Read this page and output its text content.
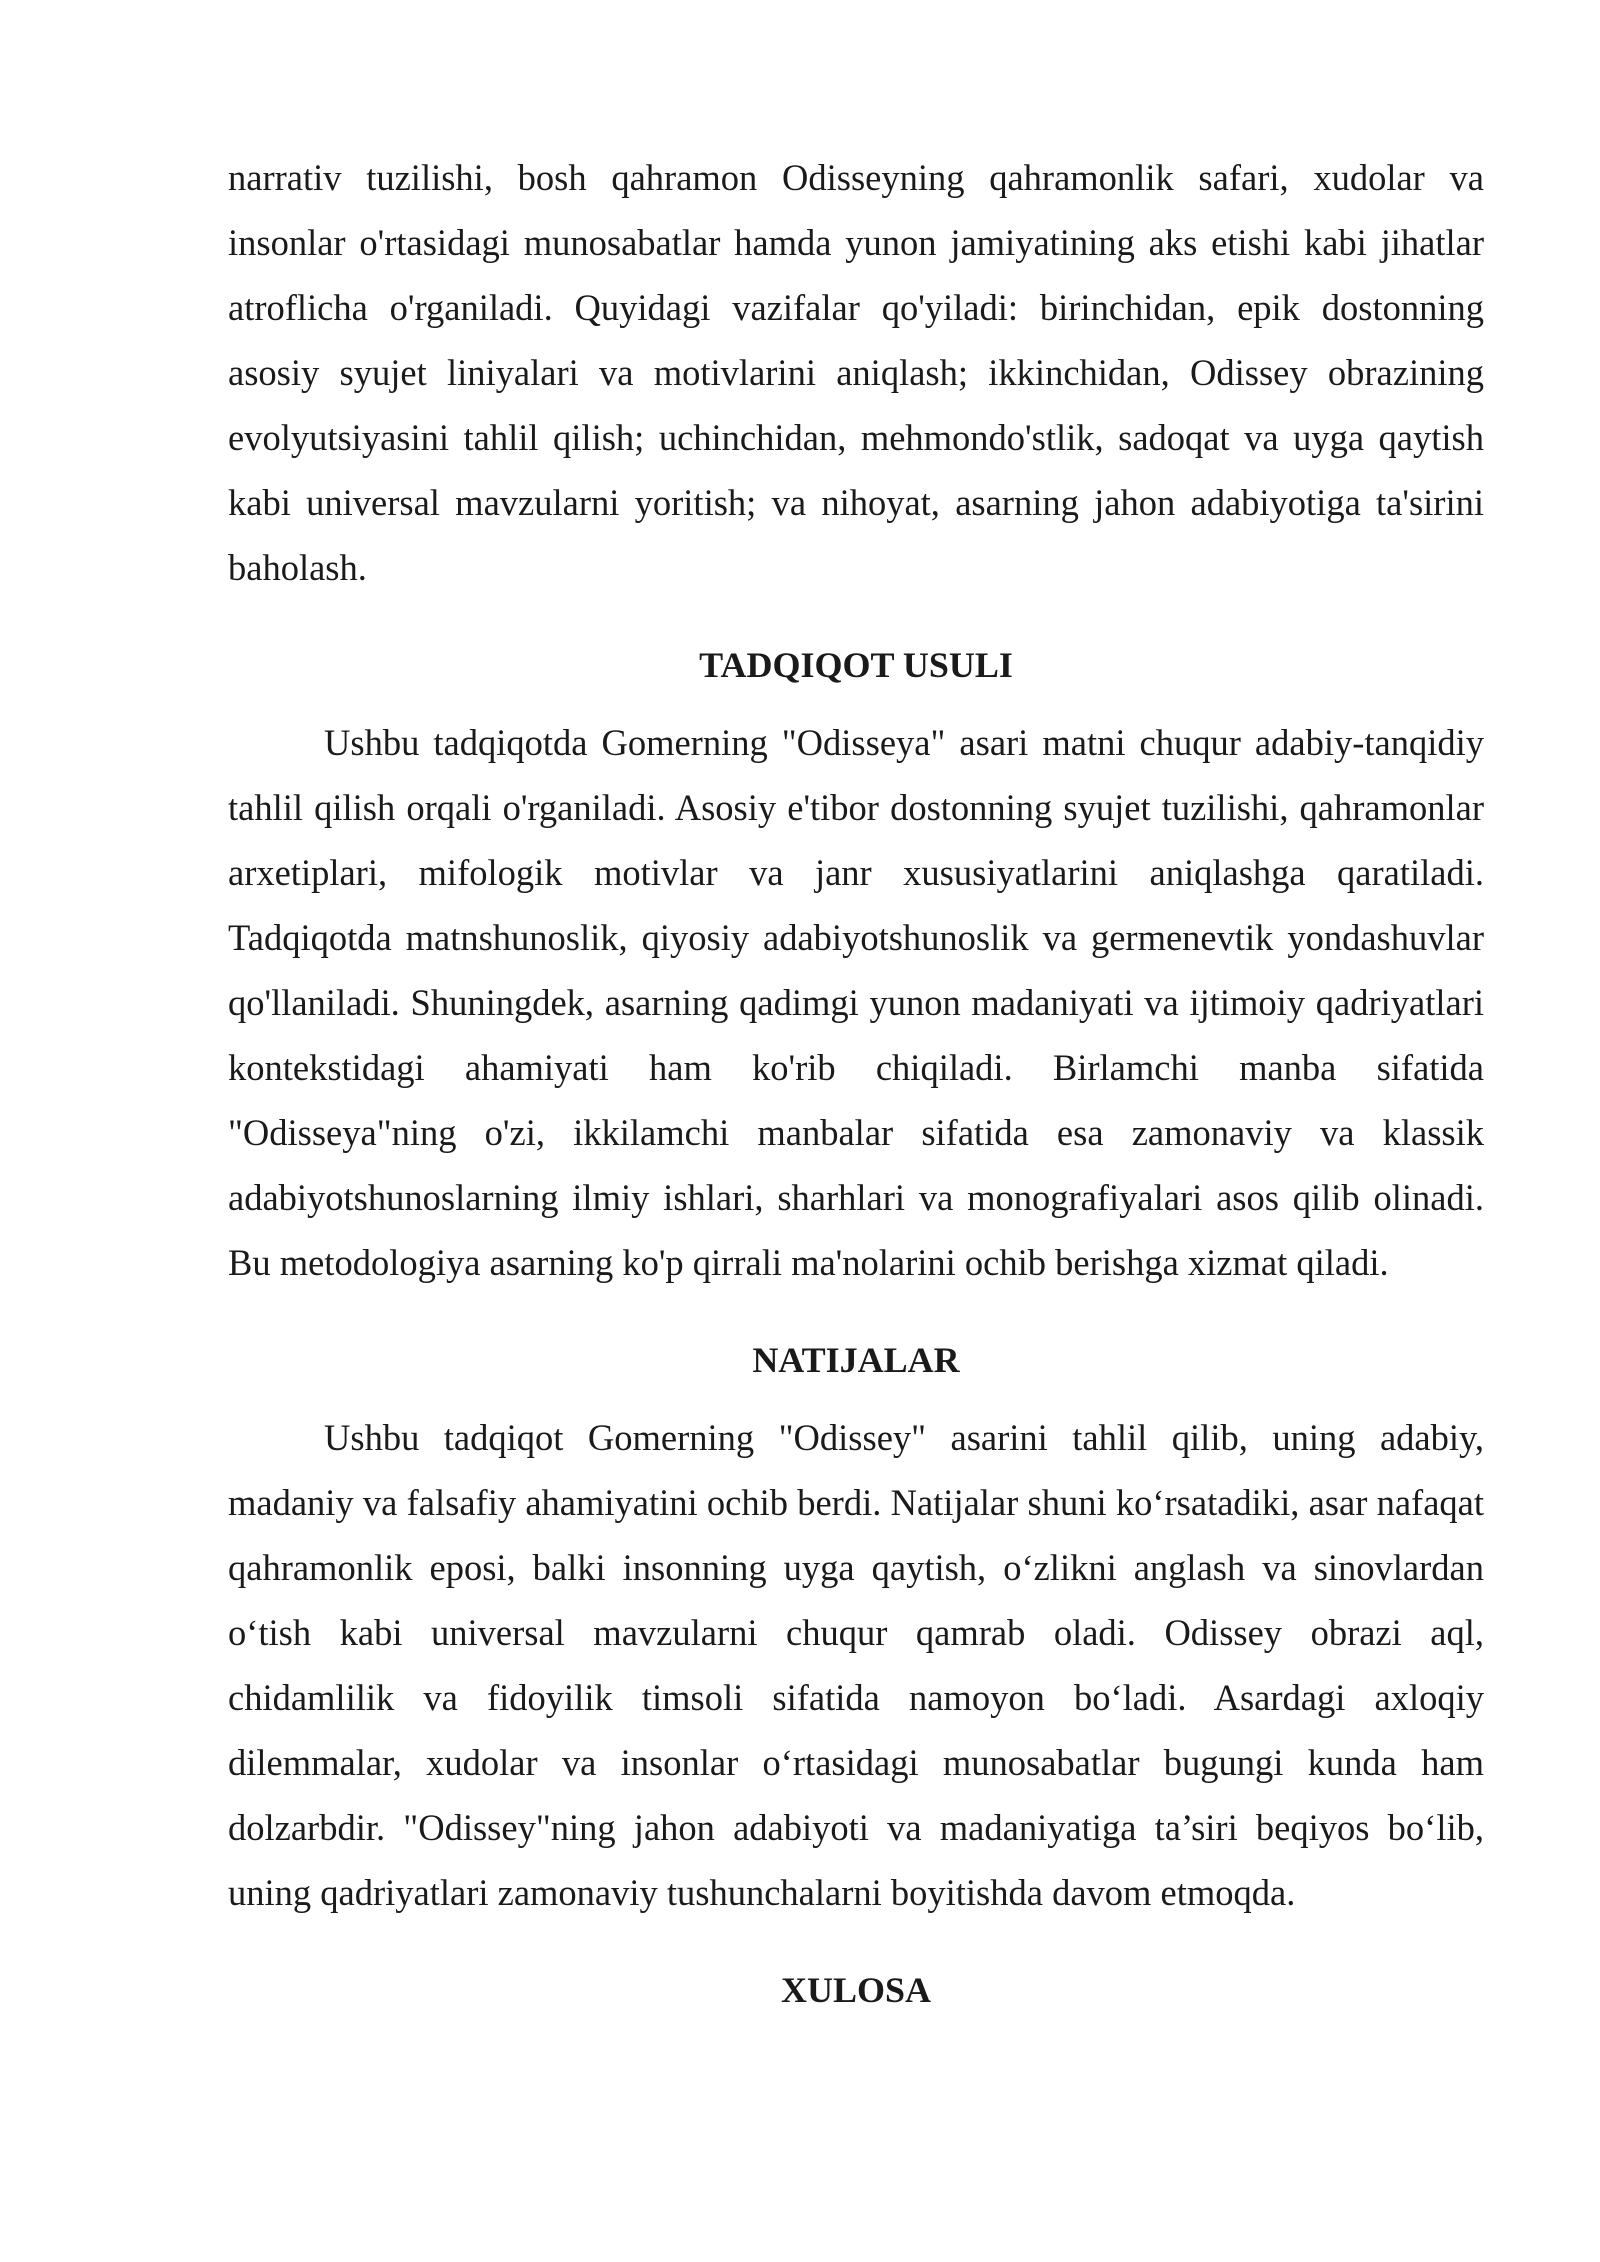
narrativ tuzilishi, bosh qahramon Odisseyning qahramonlik safari, xudolar va insonlar o'rtasidagi munosabatlar hamda yunon jamiyatining aks etishi kabi jihatlar atroflicha o'rganiladi. Quyidagi vazifalar qo'yiladi: birinchidan, epik dostonning asosiy syujet liniyalari va motivlarini aniqlash; ikkinchidan, Odissey obrazining evolyutsiyasini tahlil qilish; uchinchidan, mehmondo'stlik, sadoqat va uyga qaytish kabi universal mavzularni yoritish; va nihoyat, asarning jahon adabiyotiga ta'sirini baholash.

TADQIQOT USULI

Ushbu tadqiqotda Gomerning "Odisseya" asari matni chuqur adabiy-tanqidiy tahlil qilish orqali o'rganiladi. Asosiy e'tibor dostonning syujet tuzilishi, qahramonlar arxetiplari, mifologik motivlar va janr xususiyatlarini aniqlashga qaratiladi. Tadqiqotda matnshunoslik, qiyosiy adabiyotshunoslik va germenevtik yondashuvlar qo'llaniladi. Shuningdek, asarning qadimgi yunon madaniyati va ijtimoiy qadriyatlari kontekstidagi ahamiyati ham ko'rib chiqiladi. Birlamchi manba sifatida "Odisseya"ning o'zi, ikkilamchi manbalar sifatida esa zamonaviy va klassik adabiyotshunoslarning ilmiy ishlari, sharhlari va monografiyalari asos qilib olinadi. Bu metodologiya asarning ko'p qirrali ma'nolarini ochib berishga xizmat qiladi.

NATIJALAR

Ushbu tadqiqot Gomerning "Odissey" asarini tahlil qilib, uning adabiy, madaniy va falsafiy ahamiyatini ochib berdi. Natijalar shuni ko‘rsatadiki, asar nafaqat qahramonlik eposi, balki insonning uyga qaytish, o‘zlikni anglash va sinovlardan o‘tish kabi universal mavzularni chuqur qamrab oladi. Odissey obrazi aql, chidamlilik va fidoyilik timsoli sifatida namoyon bo‘ladi. Asardagi axloqiy dilemmalar, xudolar va insonlar o‘rtasidagi munosabatlar bugungi kunda ham dolzarbdir. "Odissey"ning jahon adabiyoti va madaniyatiga ta’siri beqiyos bo‘lib, uning qadriyatlari zamonaviy tushunchalarni boyitishda davom etmoqda.

XULOSA
